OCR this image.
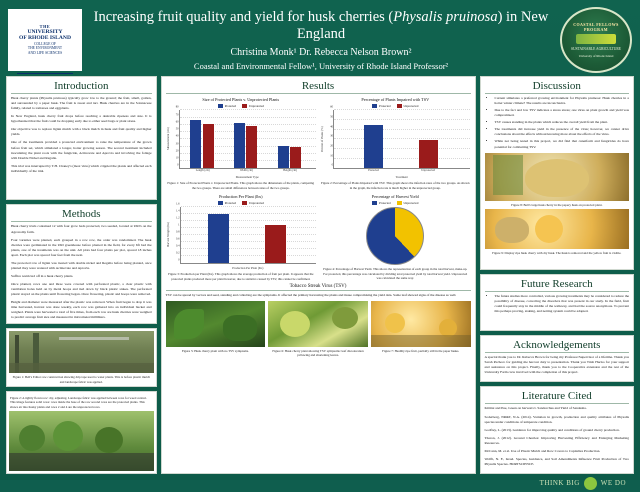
THE
UNIVERSITY
OF RHODE ISLAND
COLLEGE OF
THE ENVIRONMENT
AND LIFE SCIENCES
Increasing fruit quality and yield for husk cherries (Physalis pruinosa) in New England
Christina Monk¹ Dr. Rebecca Nelson Brown²
Coastal and Environmental Fellow¹, University of Rhode Island Professor²
COASTAL FELLOWS PROGRAM
SUSTAINABLE AGRICULTURE
University of Rhode Island
Introduction

Husk cherry plants (Physalis pruinosa) typically grow low to the ground; the fruit, small, golden, and surrounded by a paper husk. The fruit is sweet and tart. Husk cherries are in the Solanaceae family, related to tomatoes and eggplants.

In New England, husk cherry fruit drops before reaching a desirable ripeness and size. It is hypothesized that the fruit could be dropping early due to either seed bugs or plant stress.

Our objective was to replace lignin mulch with a black mulch in husk and fruit quality and higher yields.

One of the treatments provided a protected environment to raise the temperature of the grown before fruit set, which simulated a longer, hotter growing season. The second treatment included inoculating the plant roots with the fungicide, Actinovate and Aprovia and involving the foliage with Double Nickel and Regalia.

This trial was interrupted by T.H. Chaney's (most virus) which crippled the plants and affected each individually of the trial.

Methods

Husk cherry trials contained 12 with four grow beds protected, two seeded, located at URI's on the Agronomy farm.

Four varieties were planted, each grouped in a row row, the order was randomized. The husk cherries were germinated in the URI greenhouse before planted in the field, for every 6ft bed the plants, one of the treatments was on the unit. All plots had four plants per plot, spaced 18 inches apart. Each plot was spaced four feet from the next.

The protected row of lignin was treated with double nickel and Regalia before being planted, once planted they were watered with Actinovate and Aprovia.

Suffice restricted off in a husk cherry plants.

Once planted, rows one and three were covered with perforated plastic, a clear plastic with ventilation holes held on by metal hoops and tied down by black plastic stakes. The perforated plastic stayed on the plants until flowering began. Once flowering, plastic and hoops were removed.

Height and diameter were measured after the plastic was removed. When fruit began to drop it was time harvested, harvest was done weekly, each row was gathered into an individual bucket and weighed. Plants were harvested a total of five times, from each row are husk cherries were weighed to predict average fruit size and measured in micrometer/milliliters.

Figure 1: Bell's Editor row construction showing drip tape used to water plants. This is before plastic mulch and landscape fabric was applied.
Figure 2: A tightly flown row: dry, adjusting. Landscape fabric was applied between rows for weed control. This image features solid rows: rows inside the base of the row second rows are the protected plants. This shows air into husky plants and rows 2 and 4 are the unprotected rows.
Results
Size of Protected Plants v. Unprotected Plants
Protected	Unprotected
Measurement (cm)
10
20
30
40
50
60
70
80
0
Length (cm)	Width (cm)	Height (cm)
Measurement Type
Figure 1: Size of Protected Plants v. Unprotected Plants. This graph shows the dimensions of the plants, comparing the two groups. There are small differences between sizes of the two groups.
Percentage of Plants Impaired with TSV
Protected	Unprotected
Percent of Plants (%)
10
20
30
40
50
60
0
Protected	Unprotected
Treatment
Figure 2: Percentage of Plants Impaired with TSV. This graph shows the infection rates of the two groups. As shown in the graph, the infection rate is much higher in the unprotected group.
Production Per Plant (lbs)
Protected	Unprotected
Harvest Weight (lbs)
0.2
0.4
0.6
0.8
1
1.2
1.4
1.6
0
Production Per Plant (lbs)
Figure 3: Production per Plant (lbs). This graph shows the average production of fruit per plant. It appears that the protected plants produced more per plant however, due to statistics caused by TSV, this cannot be confirmed.
Percentage of Harvest Yield
Protected	Unprotected
Figure 4: Percentage of Harvest Yield. This shows the representation of each group in the total harvest, make-up. For protected, this percentage was calculated by dividing total protected yield by total harvest yield. Unprotected was calculated the same way.
Tobacco Streak Virus (TSV)

TSV can be spread by vectors and seed, standing and collecting are the symptoms. It affected the primary harvesting the plants and tissue compromising the yield data. Some leaf showed signs of the disease as well.

Figure 5: Husk cherry plant with no TSV symptoms.	Figure 6: Husk cherry plant showing TSV symptoms: leaf discoloration yellowing and shortening leaves.
Figure 7: Healthy ripe fruit, partially still in the paper husks.
Discussion
• Current simulates a preferred growing environment for Physalis pruinosa: Husk cherries in a hotter winter climate? The results are inconclusive.
• Due to the fact and low TSV indicates a stress stress; one virus on plant growth and yield was compromised.
• TSV causes standing in the plants which reduces the overall yield from the plant.
• The treatments did increase yield in the presence of the virus; however, we cannot drive conclusions about the effects without knowing more about the effects of the virus.
• While not being tested in this project, we did find that cuneiform and fungicides do have potential for combatting TSV.
Figure 8: Bell's large husk cherry in the papery husk on protected plant.
Figure 9: Display ripe husk cherry with dry husk. The husk is removed and the yellow fruit is visible.
Future Research
• The future studies more controlled, various growing treatments may be considered to reduce the possibility of disease, correcting the disorders that was present in our study. In the field, fruit could frequently stay in the middle of the walkway, and had the source anonymous. To prevent this perhaps proving, staking, and netting system could be adapted.
Acknowledgements

A special thank you to Dr. Rebecca Brown for being my Professor/Supervisor of a lifetime. Thank you Sarah Pacheco for guiding me her/our duty to presentation. Thank you Trish Hucko for your support and assistance on this project. Finally, thank you to the Cooperative extension and the rest of the University Farm crew involved with the completion of this project.

Literature Cited

Kittitat and Pue, Green on harvest/ct. Sandorchus and Yield of Sandesha.

Soderberg, NR&T, N.A. (2014). Variation in growth, production and quality attributes of Physalis species under conditions of temperate condition.

Godfrey, L. (2013). Guidance for improving quality and conditions of ground cherry production.

Tharon, J. (2012). Ground Cherries: Improving Harvesting Efficiency and Enlarging Marketing Resources.

McCann, M. et al. Use of Plastic Mulch and Row Covers to Capitalize Production.

Wolfli, N. F., Israel. Species, Guidance, and Soil Amendments Influence Fruit Production of Two Physalis Species. HORTSCIENCE.

THINK BIG	WE DO
